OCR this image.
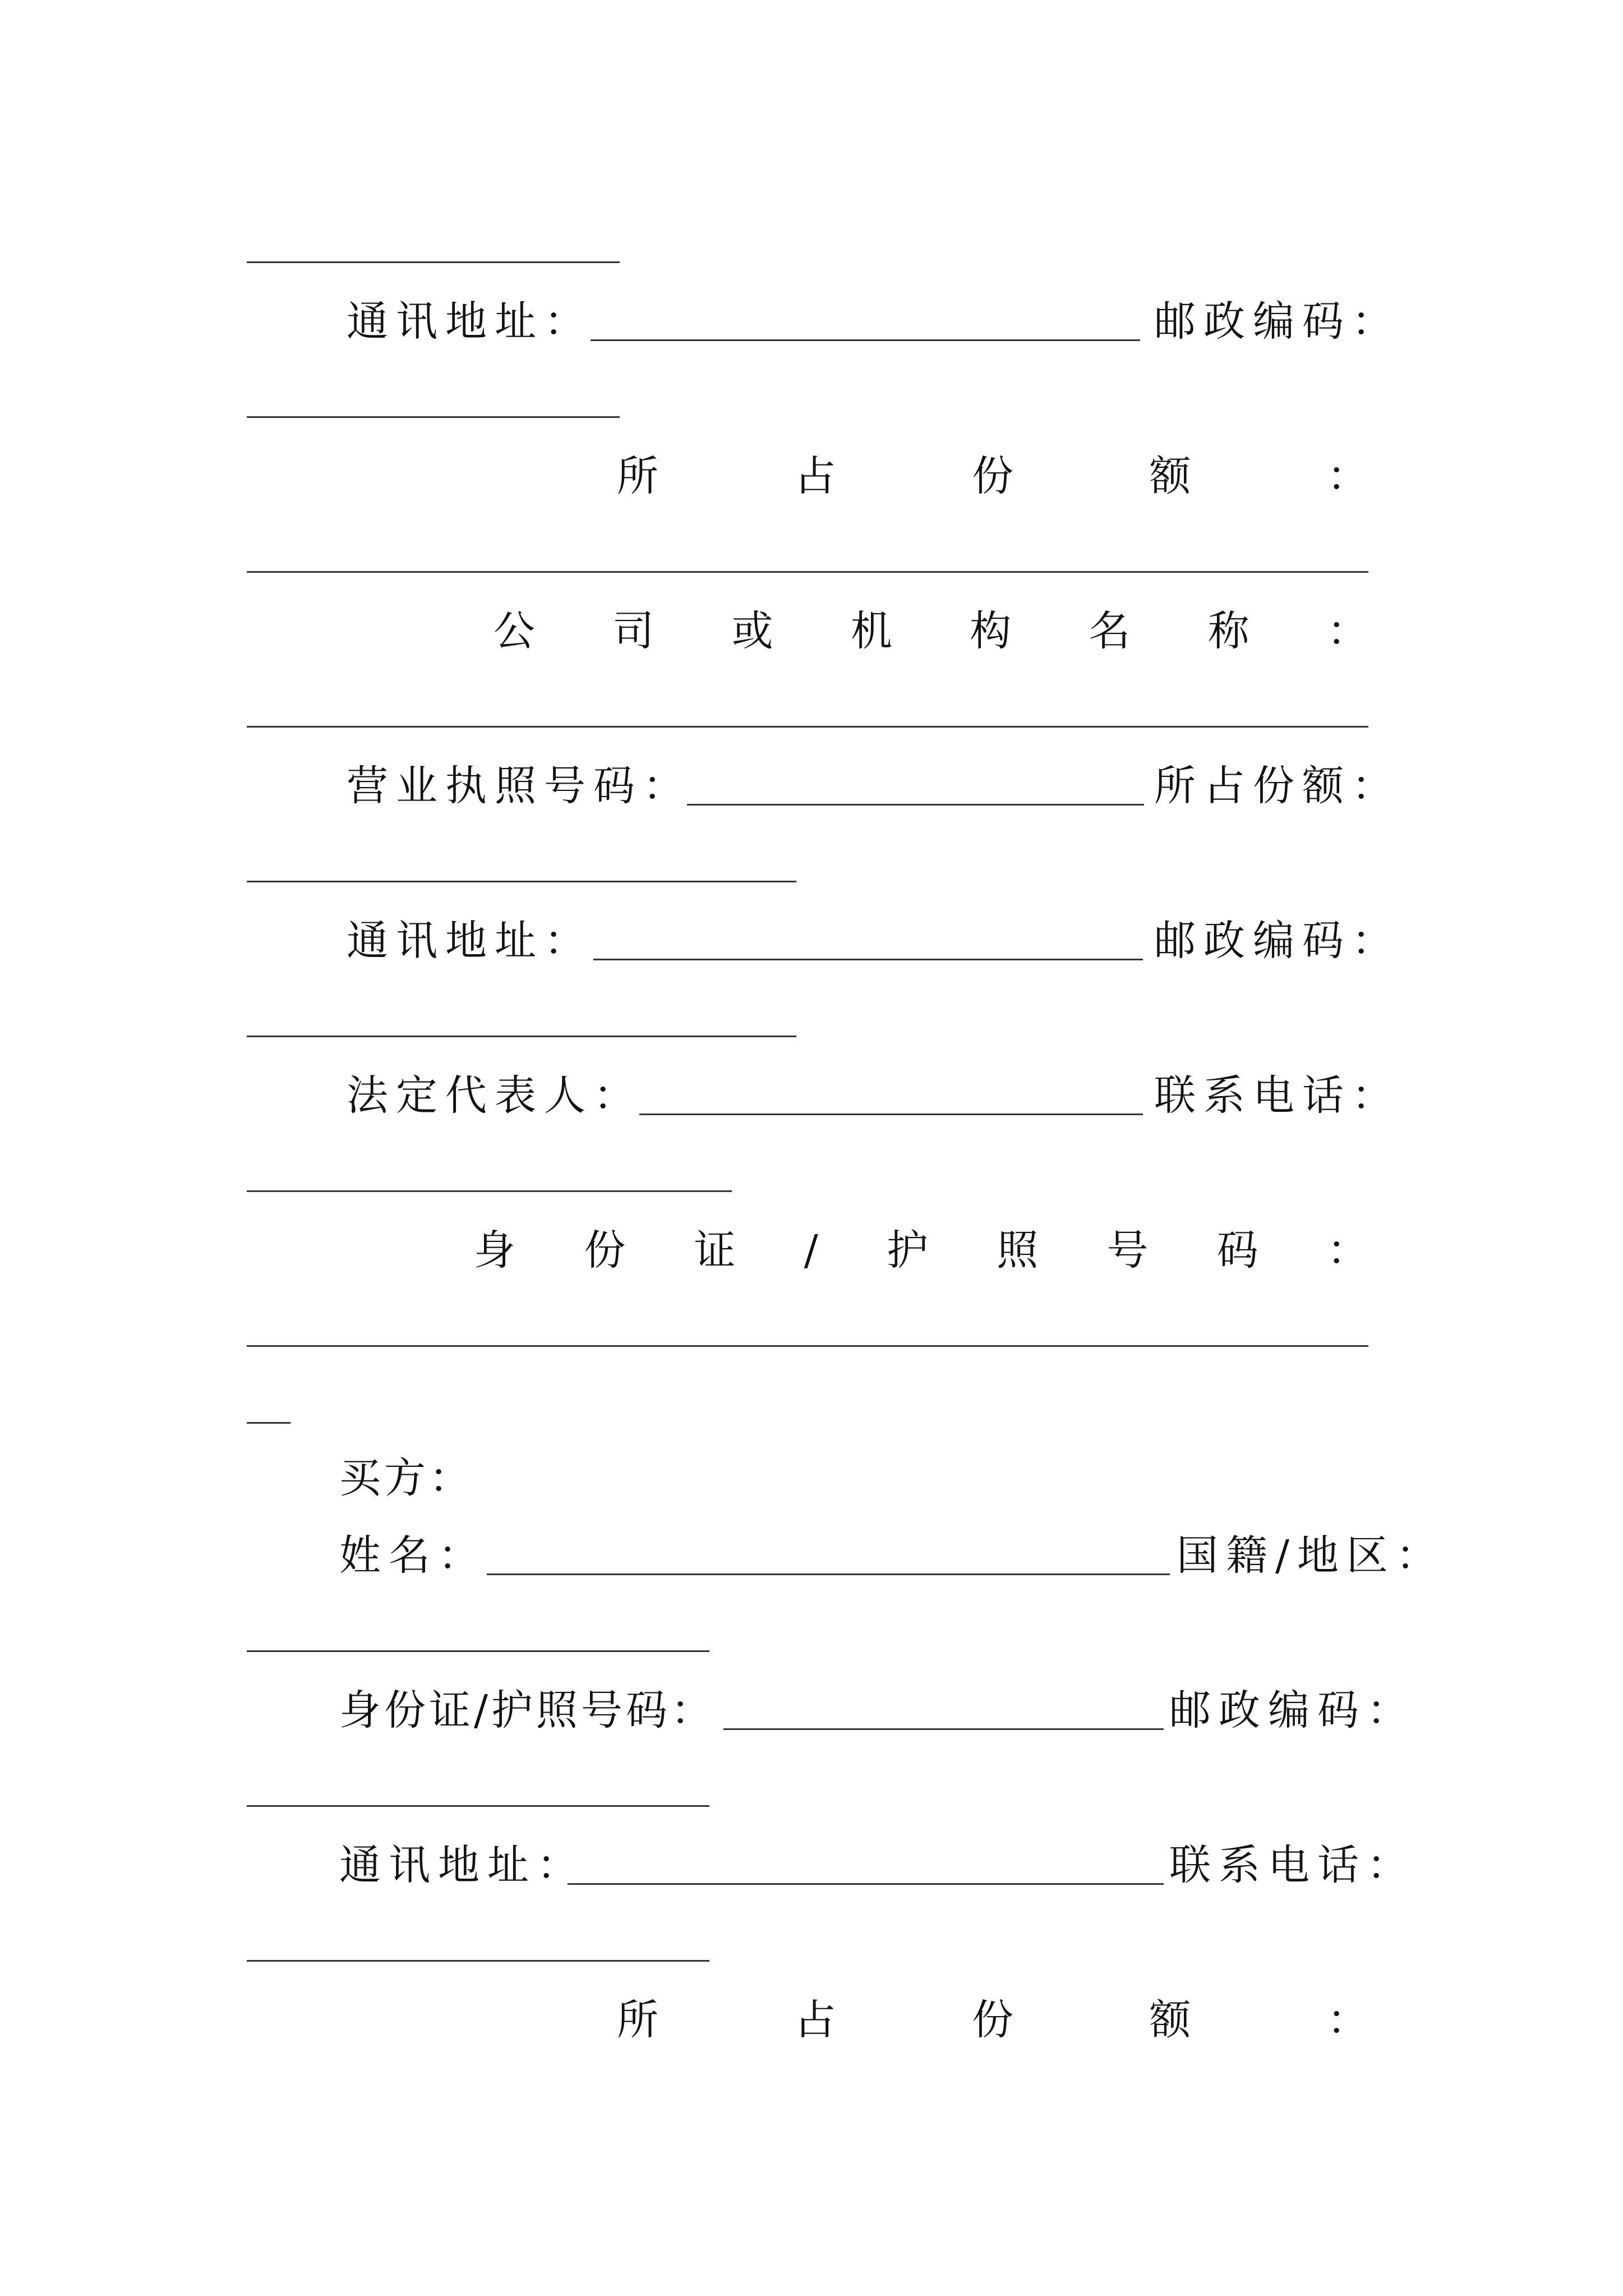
通讯地址：	邮政编码：
所	占	份	额	：
公 司 或 机 构 名 称 ：
营业执照号码：	所占份额：
通讯地址：	邮政编码：
法定代表人：	联系电话：
身 份 证 / 护 照 号 码 ：
买方：
姓名：	国籍/地区：
身份证/护照号码：	邮政编码：
通讯地址：	联系电话：
所	占	份	额	：
